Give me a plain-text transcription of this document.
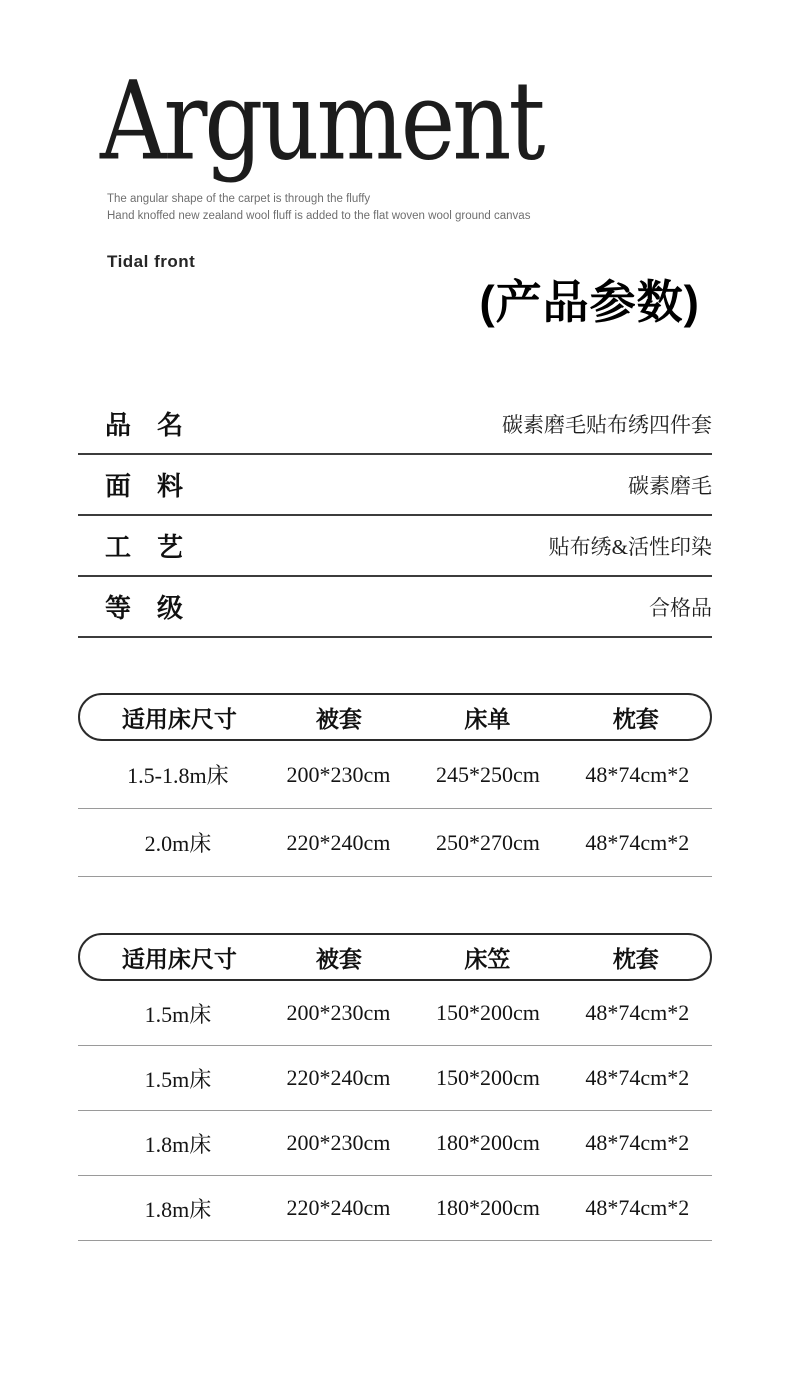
Argument
The angular shape of the carpet is through the fluffy
Hand knoffed new zealand wool fluff is added to the flat woven wool ground canvas
Tidal front
(产品参数)
品　名	碳素磨毛贴布绣四件套
面　料	碳素磨毛
工　艺	贴布绣&活性印染
等　级	合格品
适用床尺寸	被套	床单	枕套
1.5-1.8m床	200*230cm	245*250cm	48*74cm*2
2.0m床	220*240cm	250*270cm	48*74cm*2
适用床尺寸	被套	床笠	枕套
1.5m床	200*230cm	150*200cm	48*74cm*2
1.5m床	220*240cm	150*200cm	48*74cm*2
1.8m床	200*230cm	180*200cm	48*74cm*2
1.8m床	220*240cm	180*200cm	48*74cm*2
